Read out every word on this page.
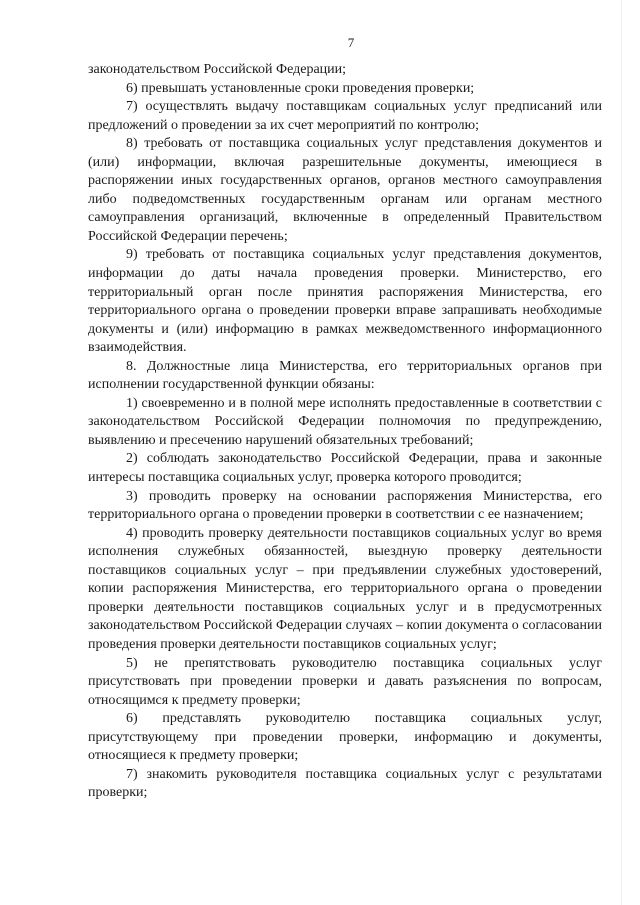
7

законодательством Российской Федерации;

6) превышать установленные сроки проведения проверки;

7) осуществлять выдачу поставщикам социальных услуг предписаний или предложений о проведении за их счет мероприятий по контролю;

8) требовать от поставщика социальных услуг представления документов и (или) информации, включая разрешительные документы, имеющиеся в распоряжении иных государственных органов, органов местного самоуправления либо подведомственных государственным органам или органам местного самоуправления организаций, включенные в определенный Правительством Российской Федерации перечень;

9) требовать от поставщика социальных услуг представления документов, информации до даты начала проведения проверки. Министерство, его территориальный орган после принятия распоряжения Министерства, его территориального органа о проведении проверки вправе запрашивать необходимые документы и (или) информацию в рамках межведомственного информационного взаимодействия.

8. Должностные лица Министерства, его территориальных органов при исполнении государственной функции обязаны:

1) своевременно и в полной мере исполнять предоставленные в соответствии с законодательством Российской Федерации полномочия по предупреждению, выявлению и пресечению нарушений обязательных требований;

2) соблюдать законодательство Российской Федерации, права и законные интересы поставщика социальных услуг, проверка которого проводится;

3) проводить проверку на основании распоряжения Министерства, его территориального органа о проведении проверки в соответствии с ее назначением;

4) проводить проверку деятельности поставщиков социальных услуг во время исполнения служебных обязанностей, выездную проверку деятельности поставщиков социальных услуг – при предъявлении служебных удостоверений, копии распоряжения Министерства, его территориального органа о проведении проверки деятельности поставщиков социальных услуг и в предусмотренных законодательством Российской Федерации случаях – копии документа о согласовании проведения проверки деятельности поставщиков социальных услуг;

5) не препятствовать руководителю поставщика социальных услуг присутствовать при проведении проверки и давать разъяснения по вопросам, относящимся к предмету проверки;

6) представлять руководителю поставщика социальных услуг, присутствующему при проведении проверки, информацию и документы, относящиеся к предмету проверки;

7) знакомить руководителя поставщика социальных услуг с результатами проверки;
